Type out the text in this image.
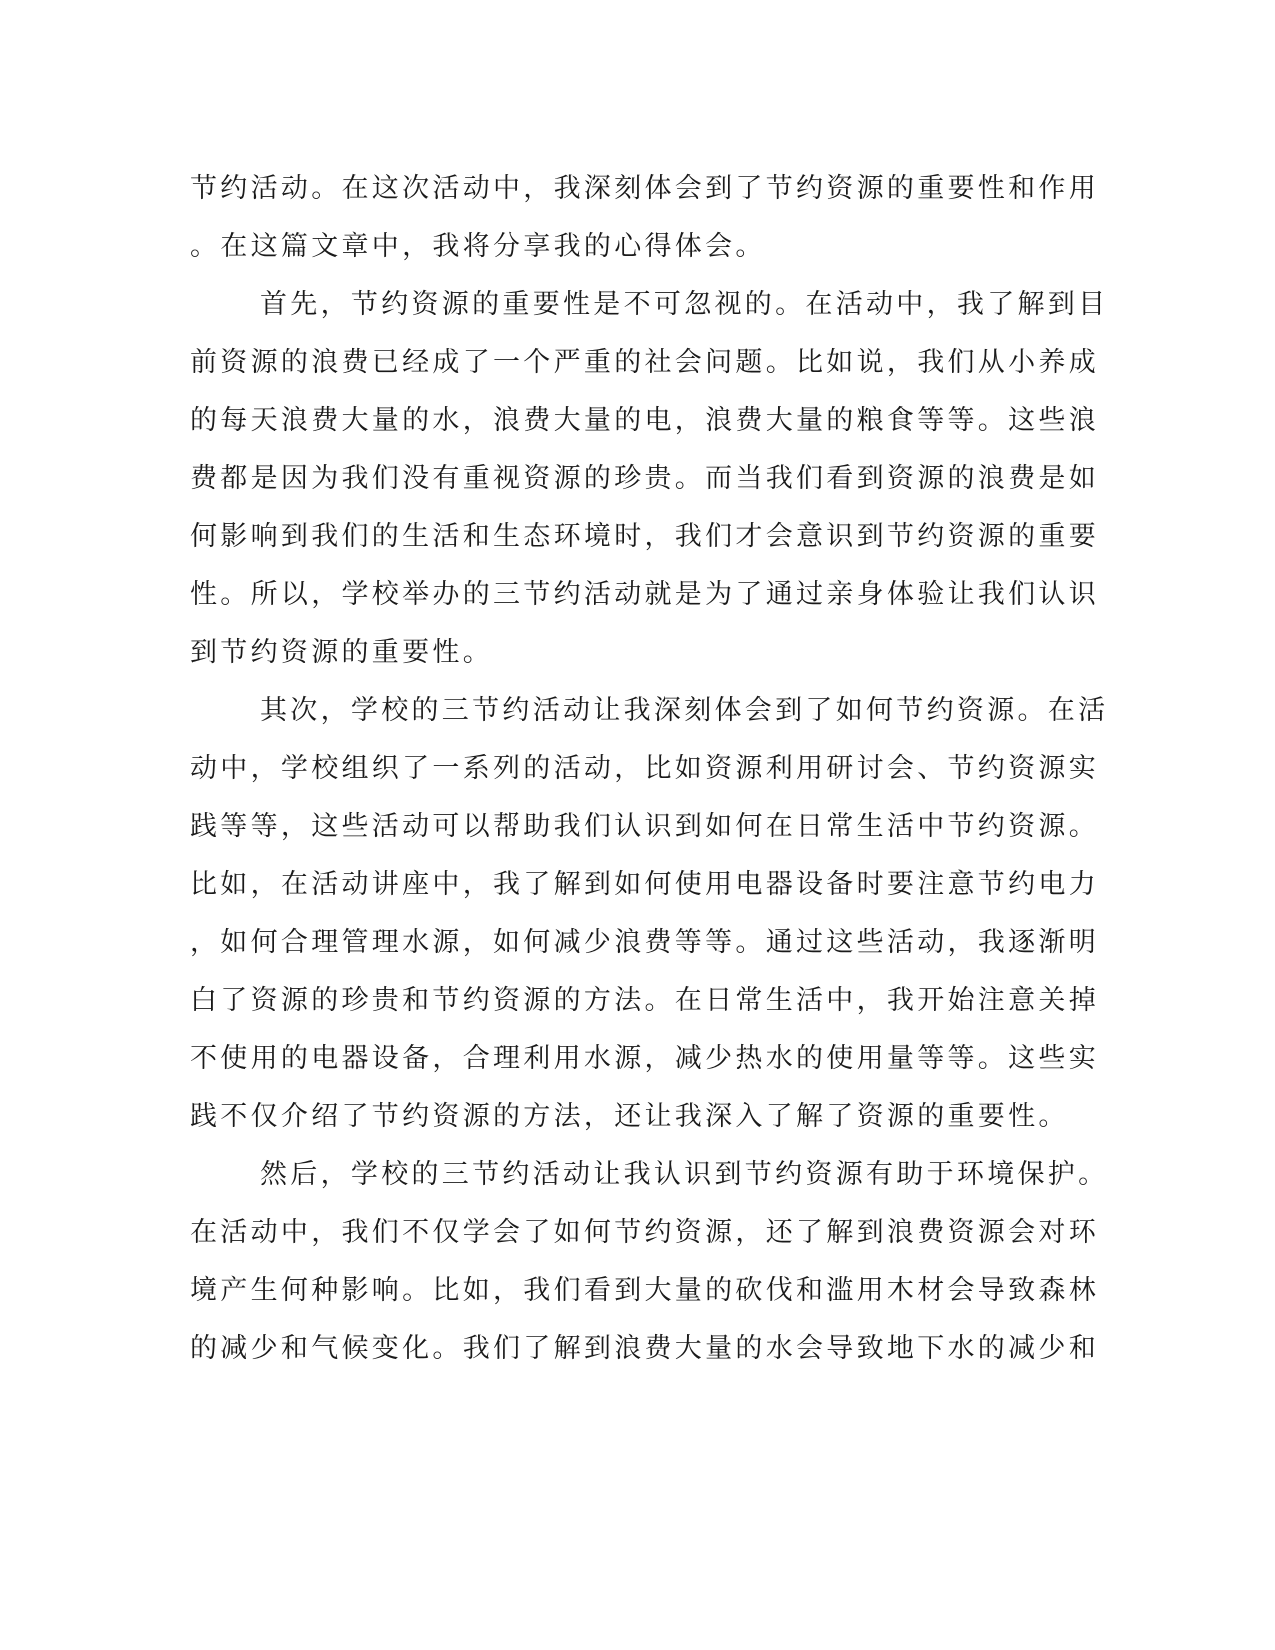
节约活动。在这次活动中，我深刻体会到了节约资源的重要性和作用
。在这篇文章中，我将分享我的心得体会。
首先，节约资源的重要性是不可忽视的。在活动中，我了解到目
前资源的浪费已经成了一个严重的社会问题。比如说，我们从小养成
的每天浪费大量的水，浪费大量的电，浪费大量的粮食等等。这些浪
费都是因为我们没有重视资源的珍贵。而当我们看到资源的浪费是如
何影响到我们的生活和生态环境时，我们才会意识到节约资源的重要
性。所以，学校举办的三节约活动就是为了通过亲身体验让我们认识
到节约资源的重要性。
其次，学校的三节约活动让我深刻体会到了如何节约资源。在活
动中，学校组织了一系列的活动，比如资源利用研讨会、节约资源实
践等等，这些活动可以帮助我们认识到如何在日常生活中节约资源。
比如，在活动讲座中，我了解到如何使用电器设备时要注意节约电力
，如何合理管理水源，如何减少浪费等等。通过这些活动，我逐渐明
白了资源的珍贵和节约资源的方法。在日常生活中，我开始注意关掉
不使用的电器设备，合理利用水源，减少热水的使用量等等。这些实
践不仅介绍了节约资源的方法，还让我深入了解了资源的重要性。
然后，学校的三节约活动让我认识到节约资源有助于环境保护。
在活动中，我们不仅学会了如何节约资源，还了解到浪费资源会对环
境产生何种影响。比如，我们看到大量的砍伐和滥用木材会导致森林
的减少和气候变化。我们了解到浪费大量的水会导致地下水的减少和
